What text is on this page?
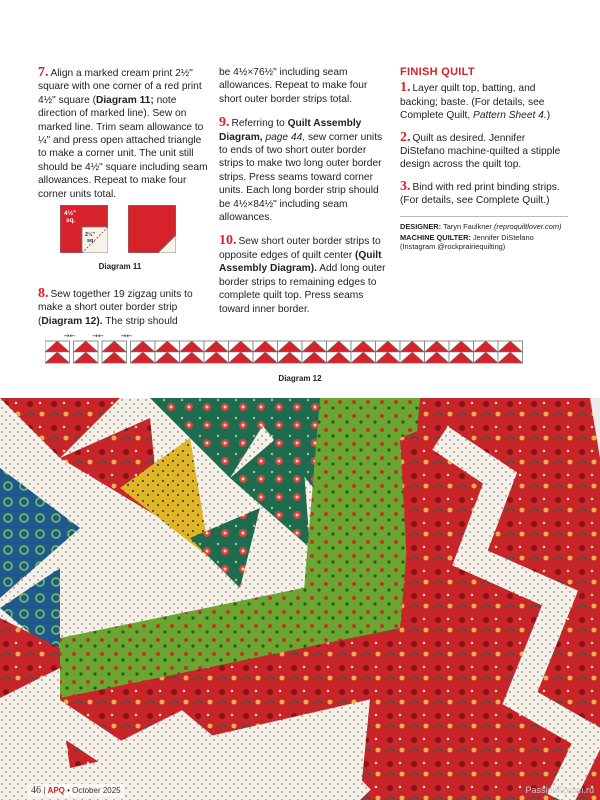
7. Align a marked cream print 2½" square with one corner of a red print 4½" square (Diagram 11; note direction of marked line). Sew on marked line. Trim seam allowance to ¼" and press open attached triangle to make a corner unit. The unit still should be 4½" square including seam allowances. Repeat to make four corner units total.

4½"
sq.
2½"
sq.
Diagram 11

8. Sew together 19 zigzag units to make a short outer border strip (Diagram 12). The strip should

be 4½×76½" including seam allowances. Repeat to make four short outer border strips total.

9. Referring to Quilt Assembly Diagram, page 44, sew corner units to ends of two short outer border strips to make two long outer border strips. Press seams toward corner units. Each long border strip should be 4½×84½" including seam allowances.

10. Sew short outer border strips to opposite edges of quilt center (Quilt Assembly Diagram). Add long outer border strips to remaining edges to complete quilt top. Press seams toward inner border.

FINISH QUILT

1. Layer quilt top, batting, and backing; baste. (For details, see Complete Quilt, Pattern Sheet 4.)

2. Quilt as desired. Jennifer DiStefano machine-quilted a stipple design across the quilt top.

3. Bind with red print binding strips. (For details, see Complete Quilt.)

DESIGNER: Taryn Faulkner (reproquiltlover.com)
MACHINE QUILTER: Jennifer DiStefano (Instagram @rockprairiequilting)
→← →← →←
Diagram 12
46 | APQ • October 2025	PassionForum.ru
